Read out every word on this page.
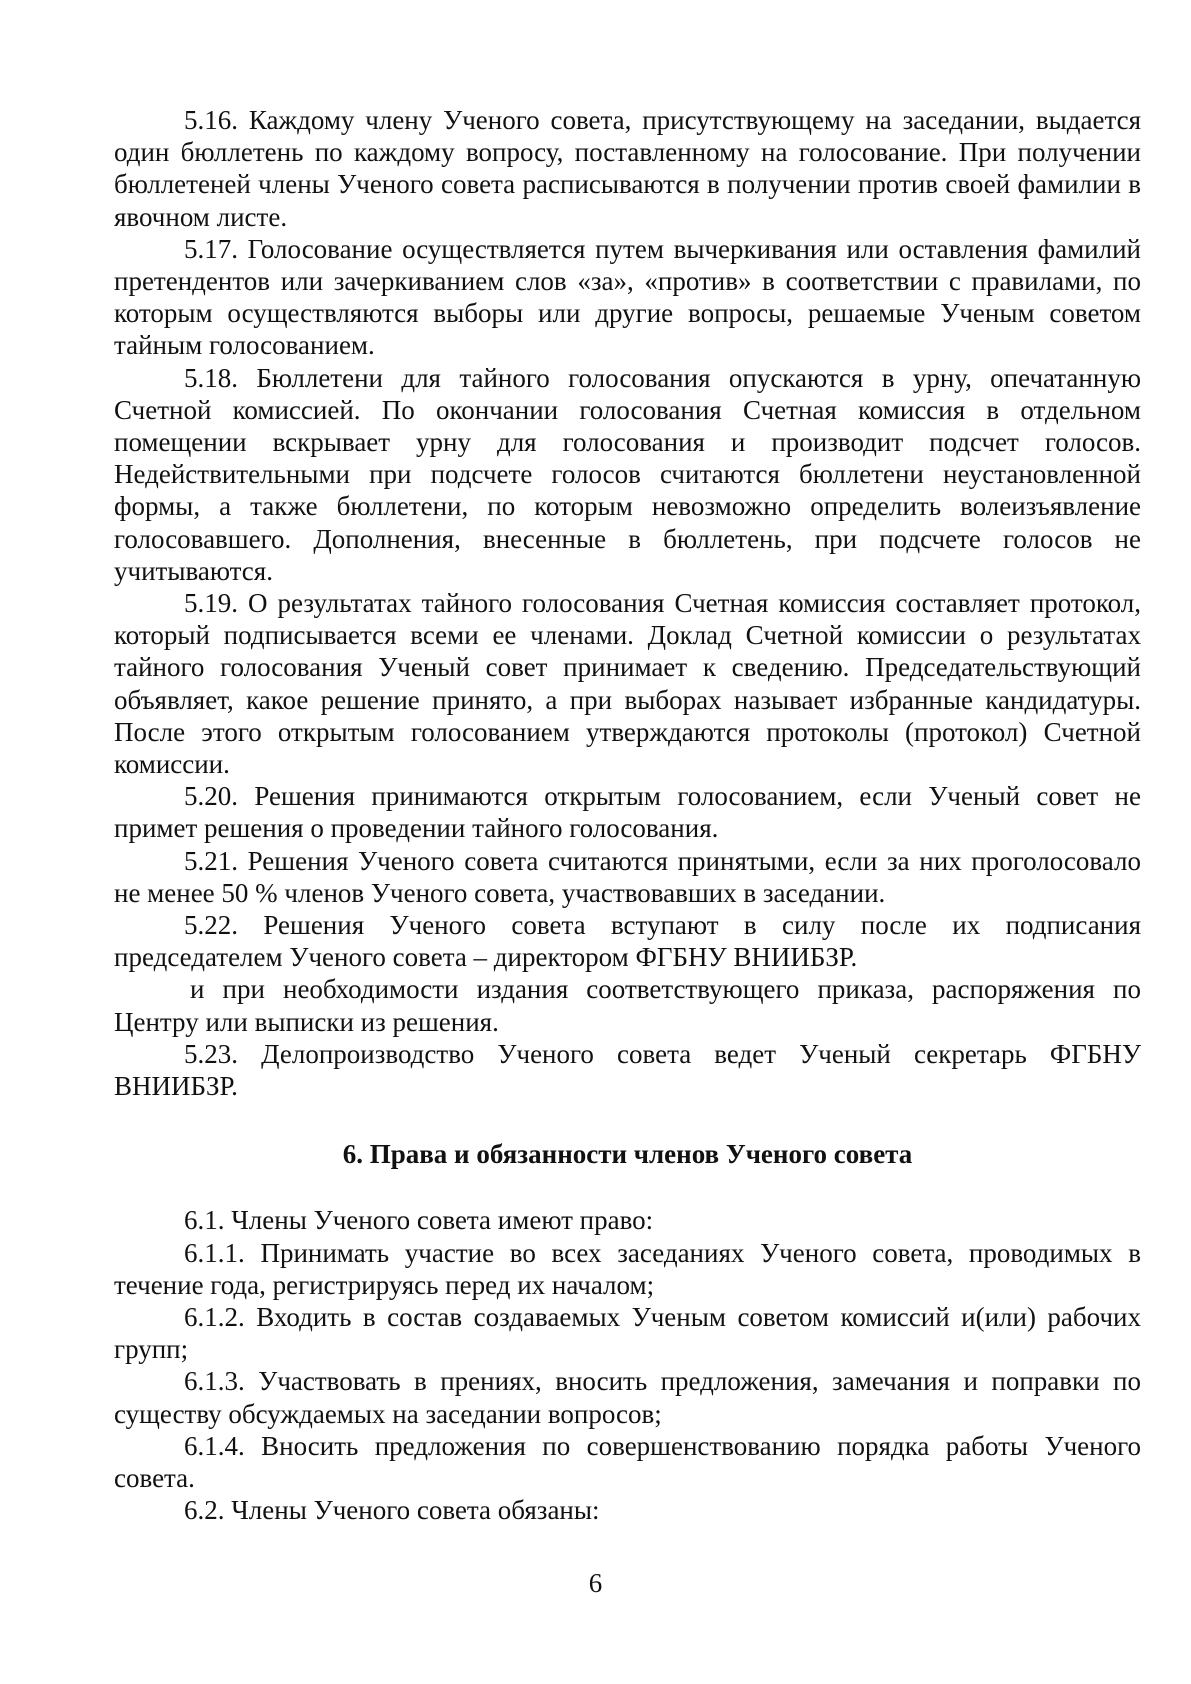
5.16. Каждому члену Ученого совета, присутствующему на заседании, выдается один бюллетень по каждому вопросу, поставленному на голосование. При получении бюллетеней члены Ученого совета расписываются в получении против своей фамилии в явочном листе.

5.17. Голосование осуществляется путем вычеркивания или оставления фамилий претендентов или зачеркиванием слов «за», «против» в соответствии с правилами, по которым осуществляются выборы или другие вопросы, решаемые Ученым советом тайным голосованием.

5.18. Бюллетени для тайного голосования опускаются в урну, опечатанную Счетной комиссией. По окончании голосования Счетная комиссия в отдельном помещении вскрывает урну для голосования и производит подсчет голосов. Недействительными при подсчете голосов считаются бюллетени неустановленной формы, а также бюллетени, по которым невозможно определить волеизъявление голосовавшего. Дополнения, внесенные в бюллетень, при подсчете голосов не учитываются.

5.19. О результатах тайного голосования Счетная комиссия составляет протокол, который подписывается всеми ее членами. Доклад Счетной комиссии о результатах тайного голосования Ученый совет принимает к сведению. Председательствующий объявляет, какое решение принято, а при выборах называет избранные кандидатуры. После этого открытым голосованием утверждаются протоколы (протокол) Счетной комиссии.

5.20. Решения принимаются открытым голосованием, если Ученый совет не примет решения о проведении тайного голосования.

5.21. Решения Ученого совета считаются принятыми, если за них проголосовало не менее 50 % членов Ученого совета, участвовавших в заседании.

5.22. Решения Ученого совета вступают в силу после их подписания председателем Ученого совета – директором ФГБНУ ВНИИБЗР.

и при необходимости издания соответствующего приказа, распоряжения по Центру или выписки из решения.

5.23. Делопроизводство Ученого совета ведет Ученый секретарь ФГБНУ ВНИИБЗР.

6. Права и обязанности членов Ученого совета

6.1. Члены Ученого совета имеют право:

6.1.1. Принимать участие во всех заседаниях Ученого совета, проводимых в течение года, регистрируясь перед их началом;

6.1.2. Входить в состав создаваемых Ученым советом комиссий и(или) рабочих групп;

6.1.3. Участвовать в прениях, вносить предложения, замечания и поправки по существу обсуждаемых на заседании вопросов;

6.1.4. Вносить предложения по совершенствованию порядка работы Ученого совета.

6.2. Члены Ученого совета обязаны:

6
